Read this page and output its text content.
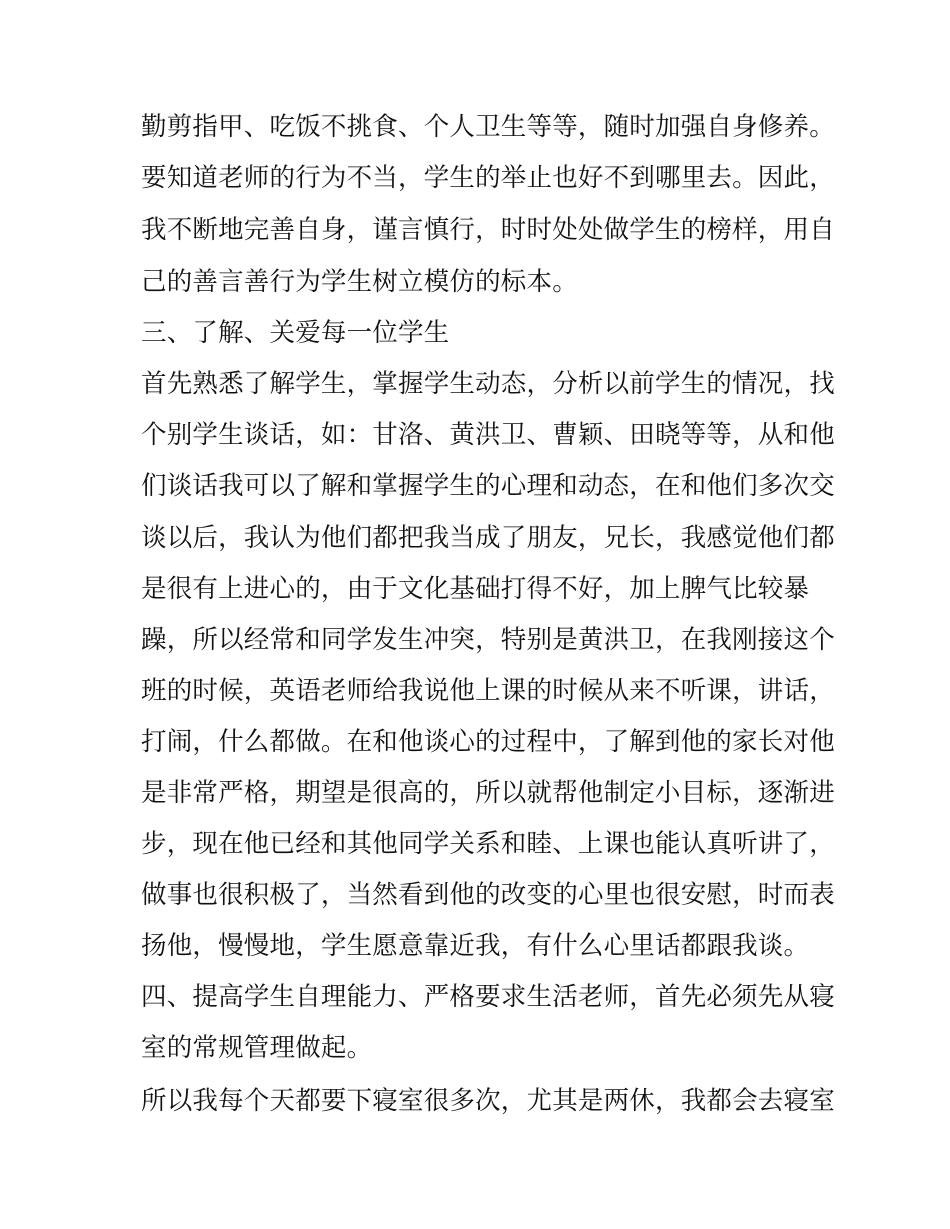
勤剪指甲、吃饭不挑食、个人卫生等等，随时加强自身修养。
要知道老师的行为不当，学生的举止也好不到哪里去。因此，
我不断地完善自身，谨言慎行，时时处处做学生的榜样，用自
己的善言善行为学生树立模仿的标本。
三、了解、关爱每一位学生
首先熟悉了解学生，掌握学生动态，分析以前学生的情况，找
个别学生谈话，如：甘洛、黄洪卫、曹颖、田晓等等，从和他
们谈话我可以了解和掌握学生的心理和动态，在和他们多次交
谈以后，我认为他们都把我当成了朋友，兄长，我感觉他们都
是很有上进心的，由于文化基础打得不好，加上脾气比较暴
躁，所以经常和同学发生冲突，特别是黄洪卫，在我刚接这个
班的时候，英语老师给我说他上课的时候从来不听课，讲话，
打闹，什么都做。在和他谈心的过程中，了解到他的家长对他
是非常严格，期望是很高的，所以就帮他制定小目标，逐渐进
步，现在他已经和其他同学关系和睦、上课也能认真听讲了，
做事也很积极了，当然看到他的改变的心里也很安慰，时而表
扬他，慢慢地，学生愿意靠近我，有什么心里话都跟我谈。
四、提高学生自理能力、严格要求生活老师，首先必须先从寝
室的常规管理做起。
所以我每个天都要下寝室很多次，尤其是两休，我都会去寝室
